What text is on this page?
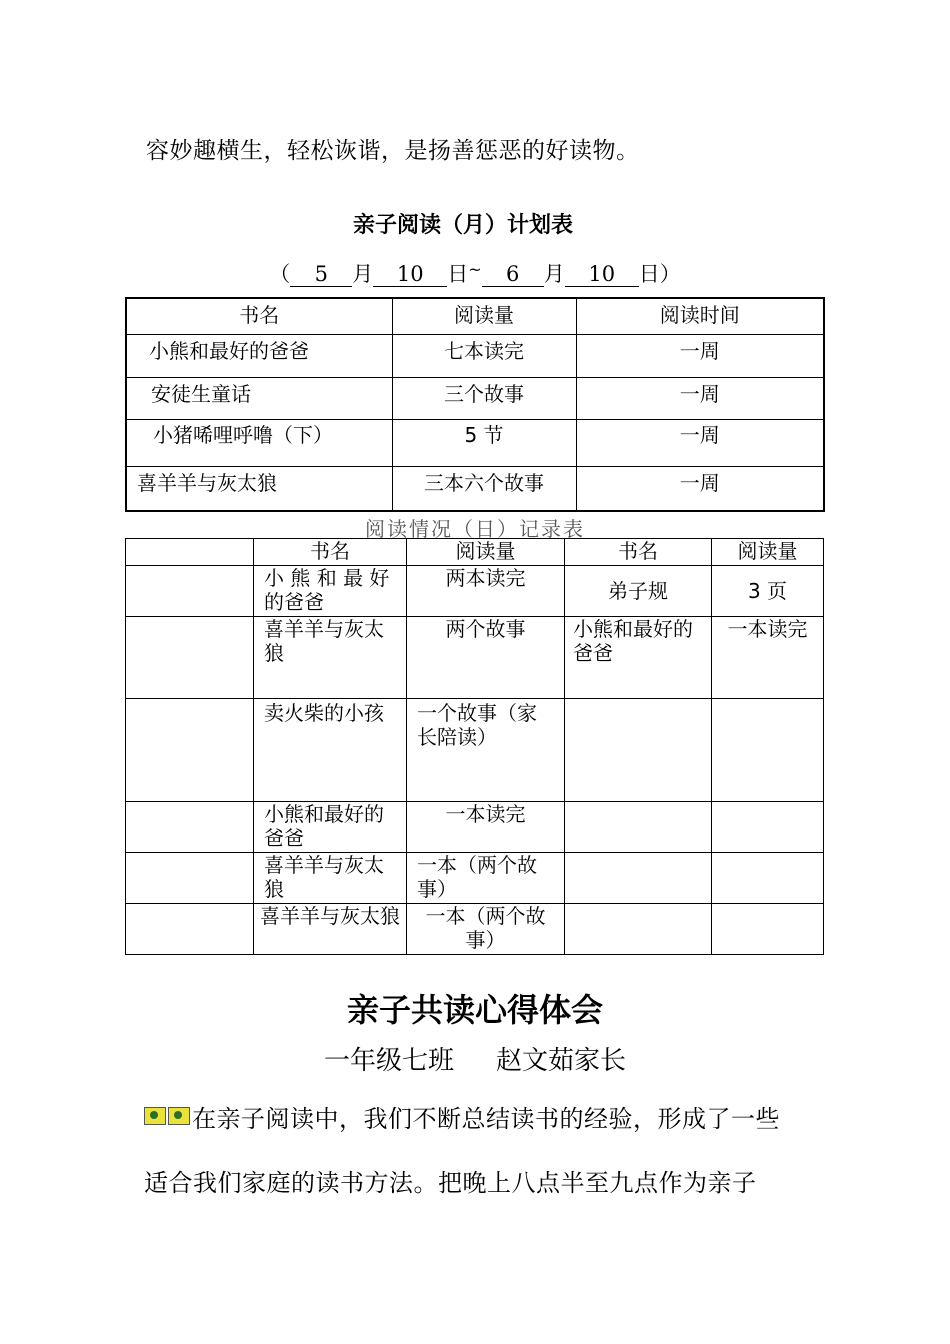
容妙趣横生，轻松诙谐，是扬善惩恶的好读物。
亲子阅读（月）计划表
（ 5 月 10 日~ 6 月 10 日）
书名	阅读量	阅读时间
小熊和最好的爸爸	七本读完	一周
安徒生童话	三个故事	一周
小猪唏哩呼噜（下）	5 节	一周
喜羊羊与灰太狼	三本六个故事	一周
阅读情况（日）记录表
	书名	阅读量	书名	阅读量
	小 熊 和 最 好的爸爸	两本读完	弟子规	3 页
	喜羊羊与灰太狼	两个故事	小熊和最好的爸爸	一本读完
	卖火柴的小孩	一个故事（家长陪读）		
	小熊和最好的爸爸	一本读完		
	喜羊羊与灰太狼	一本（两个故事）		
	喜羊羊与灰太狼	一本（两个故事）		
亲子共读心得体会
一年级七班 赵文茹家长
在亲子阅读中，我们不断总结读书的经验，形成了一些
适合我们家庭的读书方法。把晚上八点半至九点作为亲子
